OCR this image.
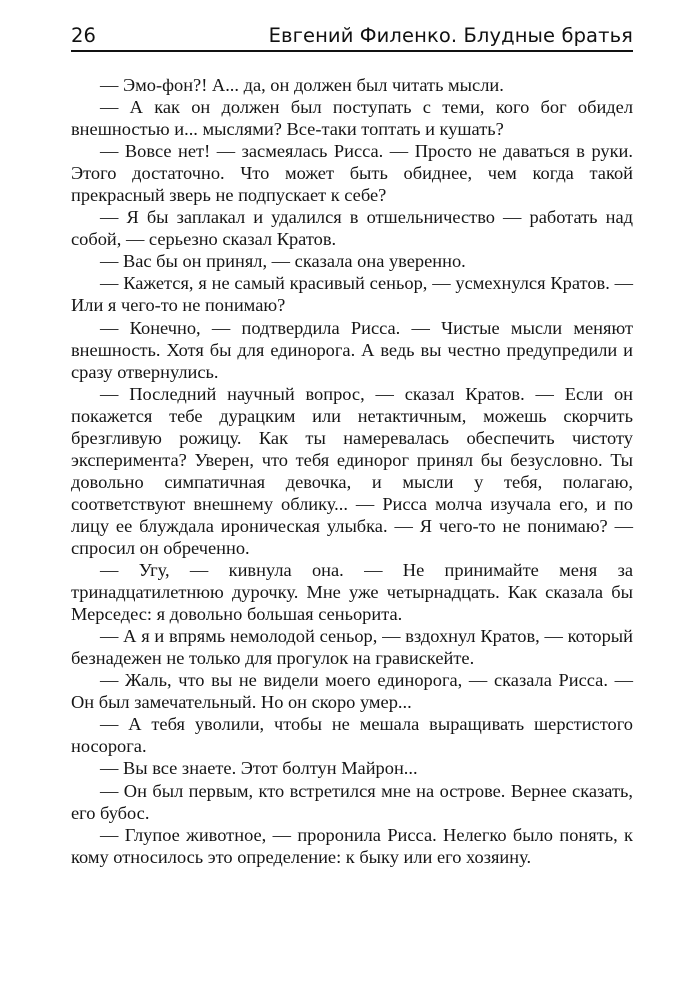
26	Евгений Филенко. Блудные братья

— Эмо-фон?! А... да, он должен был читать мысли.

— А как он должен был поступать с теми, кого бог обидел внешностью и... мыслями? Все-таки топтать и кушать?

— Вовсе нет! — засмеялась Рисса. — Просто не даваться в руки. Этого достаточно. Что может быть обиднее, чем когда такой прекрасный зверь не подпускает к себе?

— Я бы заплакал и удалился в отшельничество — работать над собой, — серьезно сказал Кратов.

— Вас бы он принял, — сказала она уверенно.

— Кажется, я не самый красивый сеньор, — усмехнулся Кратов. — Или я чего-то не понимаю?

— Конечно, — подтвердила Рисса. — Чистые мысли меняют внешность. Хотя бы для единорога. А ведь вы честно предупредили и сразу отвернулись.

— Последний научный вопрос, — сказал Кратов. — Если он покажется тебе дурацким или нетактичным, можешь скорчить брезгливую рожицу. Как ты намеревалась обеспечить чистоту эксперимента? Уверен, что тебя единорог принял бы безусловно. Ты довольно симпатичная девочка, и мысли у тебя, полагаю, соответствуют внешнему облику... — Рисса молча изучала его, и по лицу ее блуждала ироническая улыбка. — Я чего-то не понимаю? — спросил он обреченно.

— Угу, — кивнула она. — Не принимайте меня за тринадцатилетнюю дурочку. Мне уже четырнадцать. Как сказала бы Мерседес: я довольно большая сеньорита.

— А я и впрямь немолодой сеньор, — вздохнул Кратов, — который безнадежен не только для прогулок на гравискейте.

— Жаль, что вы не видели моего единорога, — сказала Рисса. — Он был замечательный. Но он скоро умер...

— А тебя уволили, чтобы не мешала выращивать шерстистого носорога.

— Вы все знаете. Этот болтун Майрон...

— Он был первым, кто встретился мне на острове. Вернее сказать, его бубос.

— Глупое животное, — проронила Рисса. Нелегко было понять, к кому относилось это определение: к быку или его хозяину.
